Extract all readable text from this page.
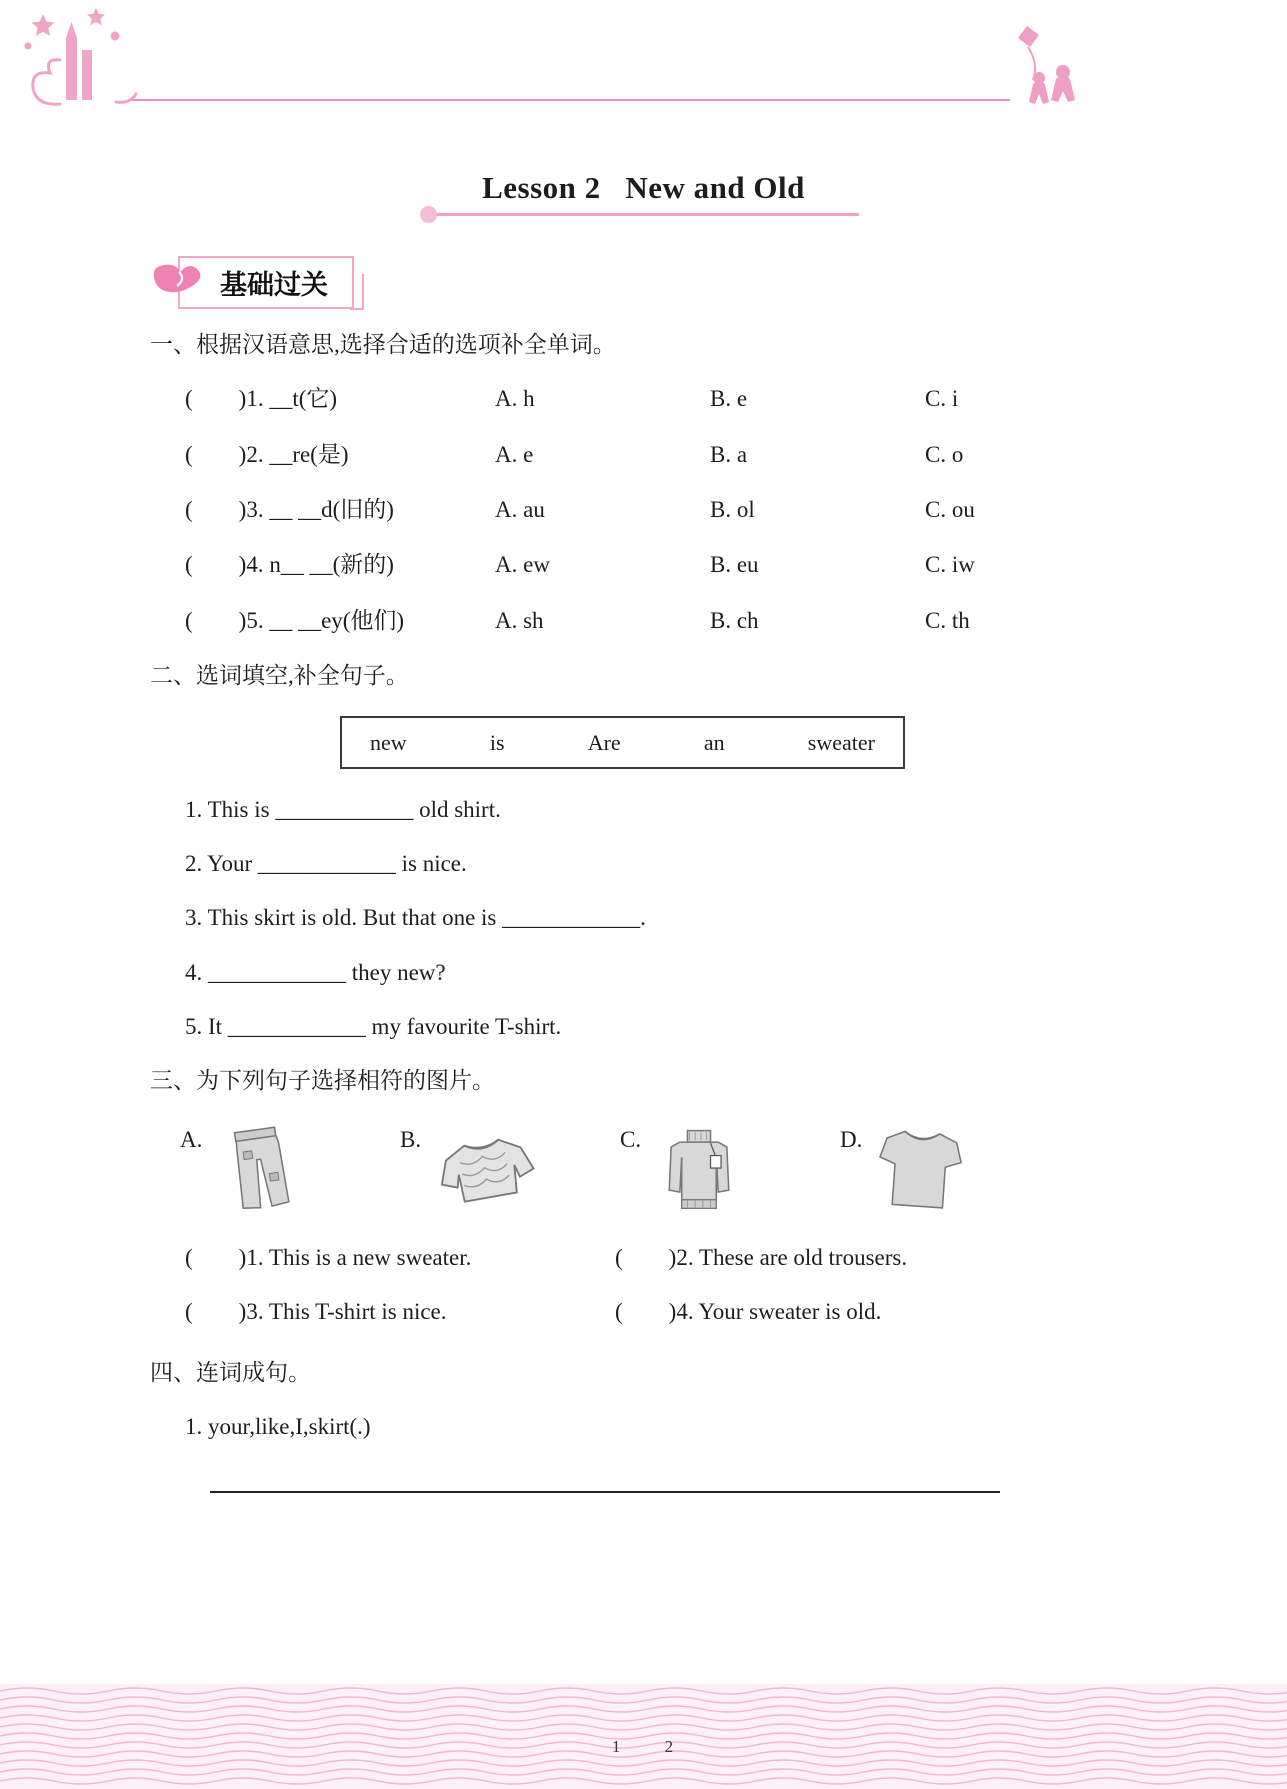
Lesson 2   New and Old
基础过关
一、根据汉语意思,选择合适的选项补全单词。
(        )1. __t(它)	A. h	B. e	C. i
(        )2. __re(是)	A. e	B. a	C. o
(        )3. __ __d(旧的)	A. au	B. ol	C. ou
(        )4. n__ __(新的)	A. ew	B. eu	C. iw
(        )5. __ __ey(他们)	A. sh	B. ch	C. th
二、选词填空,补全句子。
new	is	Are	an	sweater
1. This is ____________ old shirt.
2. Your ____________ is nice.
3. This skirt is old. But that one is ____________.
4. ____________ they new?
5. It ____________ my favourite T-shirt.
三、为下列句子选择相符的图片。
A.	B.	C.	D.
(        )1. This is a new sweater.	(        )2. These are old trousers.
(        )3. This T-shirt is nice.	(        )4. Your sweater is old.
四、连词成句。
1. your,like,I,skirt(.)
1 2
